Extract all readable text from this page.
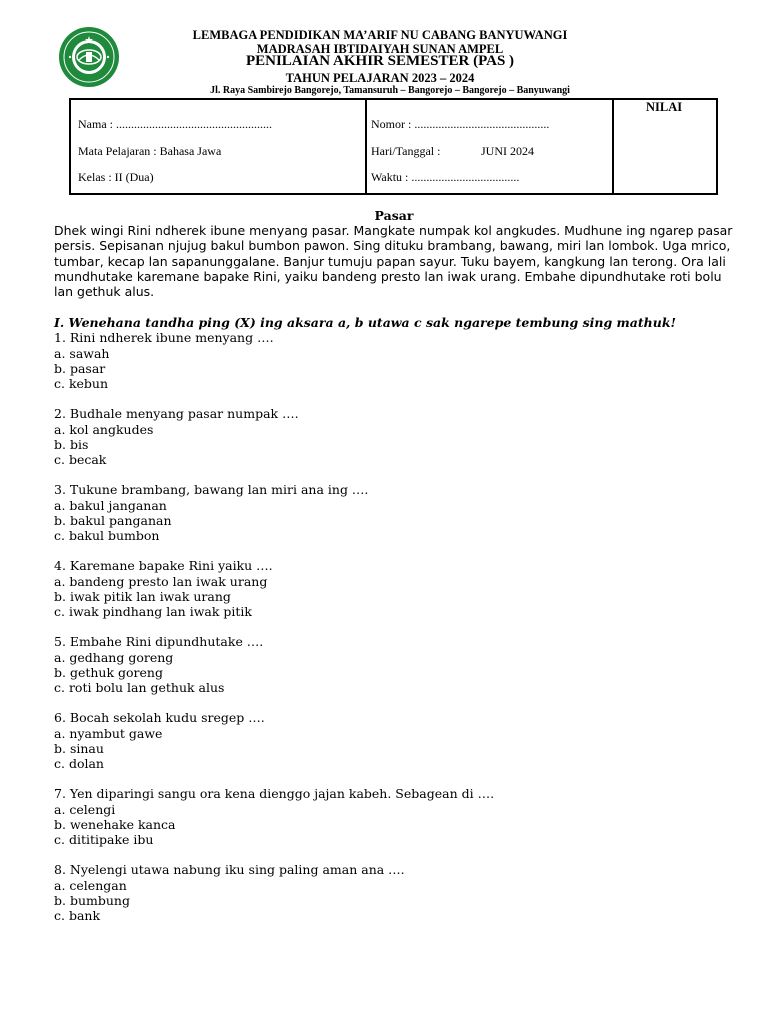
LEMBAGA PENDIDIKAN MA’ARIF NU CABANG BANYUWANGI
MADRASAH IBTIDAIYAH SUNAN AMPEL
PENILAIAN AKHIR SEMESTER (PAS )
TAHUN PELAJARAN 2023 – 2024
Jl. Raya Sambirejo Bangorejo, Tamansuruh – Bangorejo – Bangorejo – Banyuwangi
Nama : ....................................................
Mata Pelajaran : Bahasa Jawa
Kelas : II (Dua)
Nomor : .............................................
Hari/Tanggal :	JUNI 2024
Waktu : ....................................
NILAI
Pasar
Dhek wingi Rini ndherek ibune menyang pasar. Mangkate numpak kol angkudes. Mudhune ing ngarep pasar persis. Sepisanan njujug bakul bumbon pawon. Sing dituku brambang, bawang, miri lan lombok. Uga mrico, tumbar, kecap lan sapanunggalane. Banjur tumuju papan sayur. Tuku bayem, kangkung lan terong. Ora lali mundhutake karemane bapake Rini, yaiku bandeng presto lan iwak urang. Embahe dipundhutake roti bolu lan gethuk alus.
I. Wenehana tandha ping (X) ing aksara a, b utawa c sak ngarepe tembung sing mathuk!
1. Rini ndherek ibune menyang ….
a. sawah
b. pasar
c. kebun
2. Budhale menyang pasar numpak ….
a. kol angkudes
b. bis
c. becak
3. Tukune brambang, bawang lan miri ana ing ….
a. bakul janganan
b. bakul panganan
c. bakul bumbon
4. Karemane bapake Rini yaiku ….
a. bandeng presto lan iwak urang
b. iwak pitik lan iwak urang
c. iwak pindhang lan iwak pitik
5. Embahe Rini dipundhutake ….
a. gedhang goreng
b. gethuk goreng
c. roti bolu lan gethuk alus
6. Bocah sekolah kudu sregep ….
a. nyambut gawe
b. sinau
c. dolan
7. Yen diparingi sangu ora kena dienggo jajan kabeh. Sebagean di ….
a. celengi
b. wenehake kanca
c. dititipake ibu
8. Nyelengi utawa nabung iku sing paling aman ana ….
a. celengan
b. bumbung
c. bank
